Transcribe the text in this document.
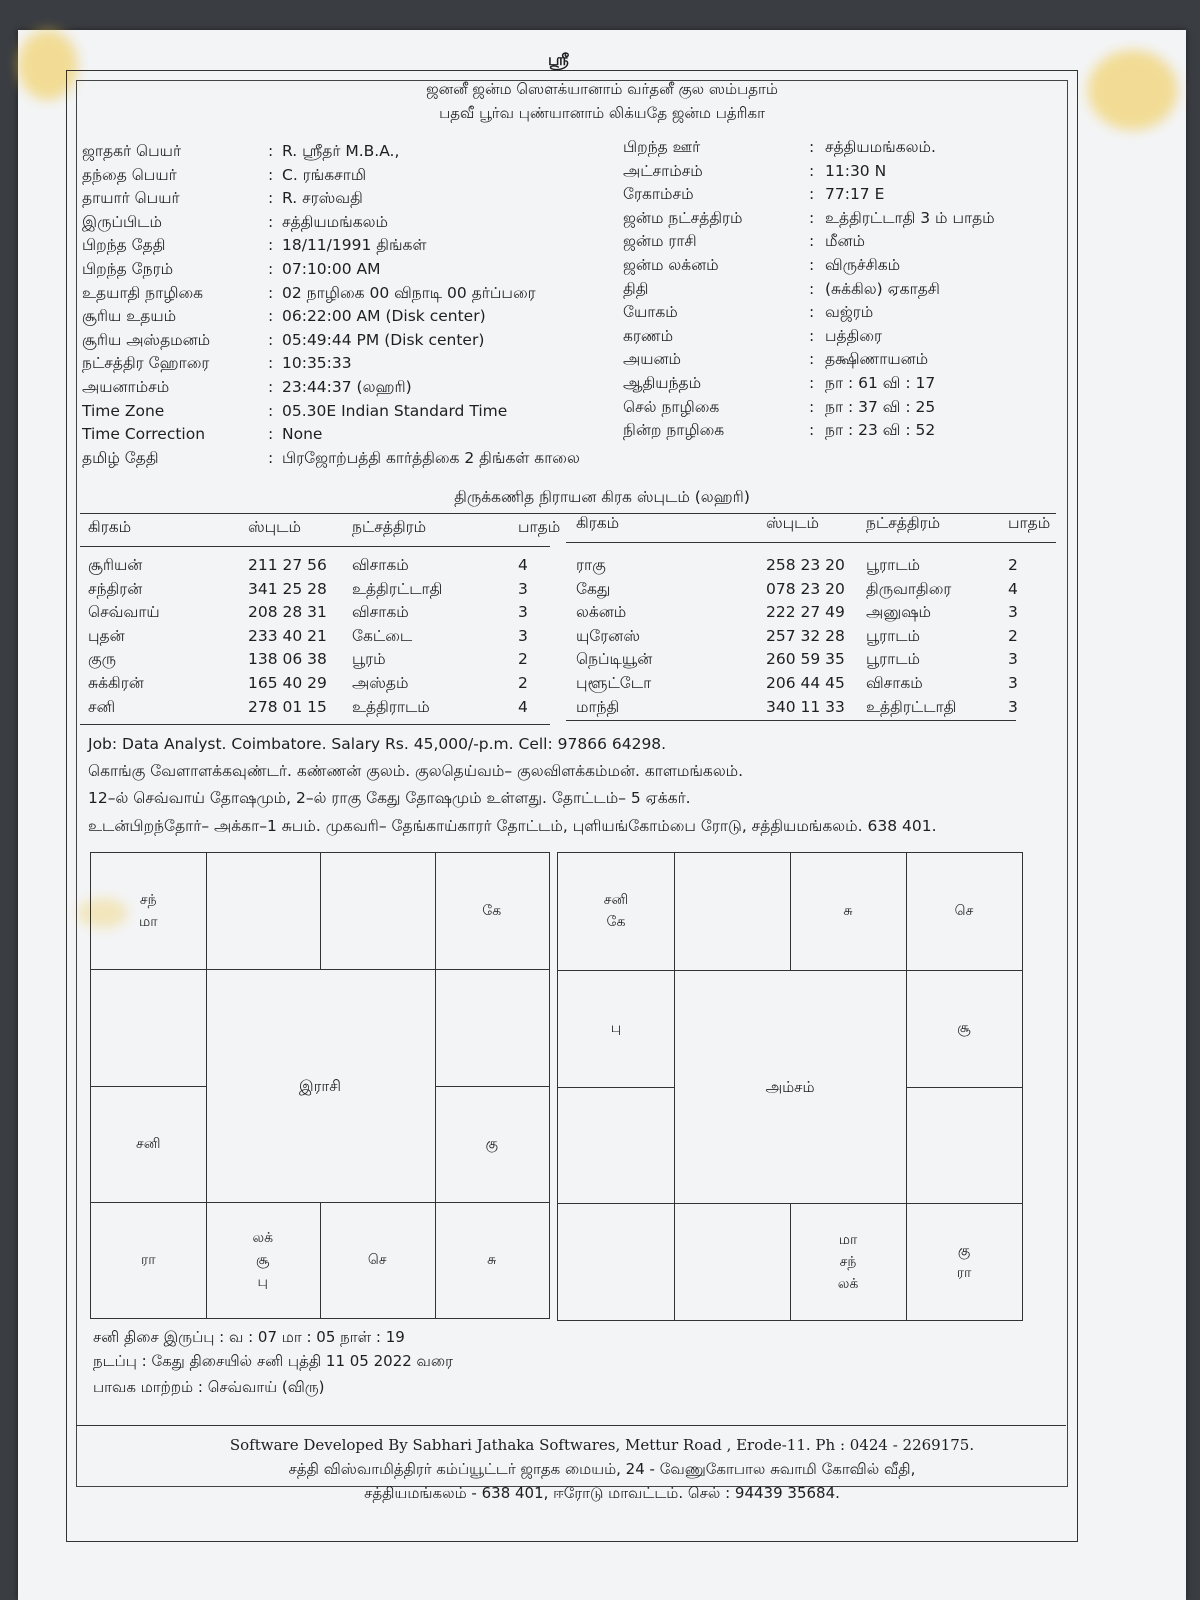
ஸ்ரீ
ஜனனீ ஜன்ம ஸௌக்யானாம் வர்தனீ குல ஸம்பதாம்
பதவீ பூர்வ புண்யானாம் லிக்யதே ஜன்ம பத்ரிகா
ஜாதகர் பெயர்	: R. ஸ்ரீதர் M.B.A.,
தந்தை பெயர்	: C. ரங்கசாமி
தாயார் பெயர்	: R. சரஸ்வதி
இருப்பிடம்	: சத்தியமங்கலம்
பிறந்த தேதி	: 18/11/1991 திங்கள்
பிறந்த நேரம்	: 07:10:00 AM
உதயாதி நாழிகை	: 02 நாழிகை 00 விநாடி 00 தர்ப்பரை
சூரிய உதயம்	: 06:22:00 AM (Disk center)
சூரிய அஸ்தமனம்	: 05:49:44 PM (Disk center)
நட்சத்திர ஹோரை	: 10:35:33
அயனாம்சம்	: 23:44:37 (லஹரி)
Time Zone	: 05.30E Indian Standard Time
Time Correction	: None
தமிழ் தேதி	: பிரஜோற்பத்தி கார்த்திகை 2 திங்கள் காலை
பிறந்த ஊர்	: சத்தியமங்கலம்.
அட்சாம்சம்	: 11:30 N
ரேகாம்சம்	: 77:17 E
ஜன்ம நட்சத்திரம்	: உத்திரட்டாதி 3 ம் பாதம்
ஜன்ம ராசி	: மீனம்
ஜன்ம லக்னம்	: விருச்சிகம்
திதி	: (சுக்கில) ஏகாதசி
யோகம்	: வஜ்ரம்
கரணம்	: பத்திரை
அயனம்	: தக்ஷிணாயனம்
ஆதியந்தம்	: நா : 61 வி : 17
செல் நாழிகை	: நா : 37 வி : 25
நின்ற நாழிகை	: நா : 23 வி : 52
திருக்கணித நிராயன கிரக ஸ்புடம் (லஹரி)
கிரகம்	ஸ்புடம்	நட்சத்திரம்	பாதம்
சூரியன்	211 27 56 விசாகம்	4
சந்திரன்	341 25 28 உத்திரட்டாதி	3
செவ்வாய்	208 28 31 விசாகம்	3
புதன்	233 40 21 கேட்டை	3
குரு	138 06 38 பூரம்	2
சுக்கிரன்	165 40 29 அஸ்தம்	2
சனி	278 01 15 உத்திராடம்	4
கிரகம்	ஸ்புடம்	நட்சத்திரம்	பாதம்
ராகு	258 23 20 பூராடம்	2
கேது	078 23 20 திருவாதிரை	4
லக்னம்	222 27 49 அனுஷம்	3
யுரேனஸ்	257 32 28 பூராடம்	2
நெப்டியூன்	260 59 35 பூராடம்	3
புளூட்டோ	206 44 45 விசாகம்	3
மாந்தி	340 11 33 உத்திரட்டாதி	3
Job: Data Analyst. Coimbatore. Salary Rs. 45,000/-p.m. Cell: 97866 64298.
கொங்கு வேளாளக்கவுண்டர். கண்ணன் குலம். குலதெய்வம்– குலவிளக்கம்மன். காளமங்கலம்.
12–ல் செவ்வாய் தோஷமும், 2–ல் ராகு கேது தோஷமும் உள்ளது. தோட்டம்– 5 ஏக்கர்.
உடன்பிறந்தோர்– அக்கா–1 சுபம். முகவரி– தேங்காய்காரர் தோட்டம், புளியங்கோம்பை ரோடு, சத்தியமங்கலம். 638 401.
சந்
மா
கே
சனி	கு
ரா
லக்
சூ
பு
செ	சு
இராசி
சனி
கே
சு	செ
பு	சூ
மா
சந்
லக்
கு
ரா
அம்சம்
சனி திசை இருப்பு : வ : 07 மா : 05 நாள் : 19
நடப்பு : கேது திசையில் சனி புத்தி 11 05 2022 வரை
பாவக மாற்றம் : செவ்வாய் (விரு)
Software Developed By Sabhari Jathaka Softwares, Mettur Road , Erode-11. Ph : 0424 - 2269175.
சத்தி விஸ்வாமித்திரர் கம்ப்யூட்டர் ஜாதக மையம், 24 - வேணுகோபால சுவாமி கோவில் வீதி,
சத்தியமங்கலம் - 638 401, ஈரோடு மாவட்டம். செல் : 94439 35684.
